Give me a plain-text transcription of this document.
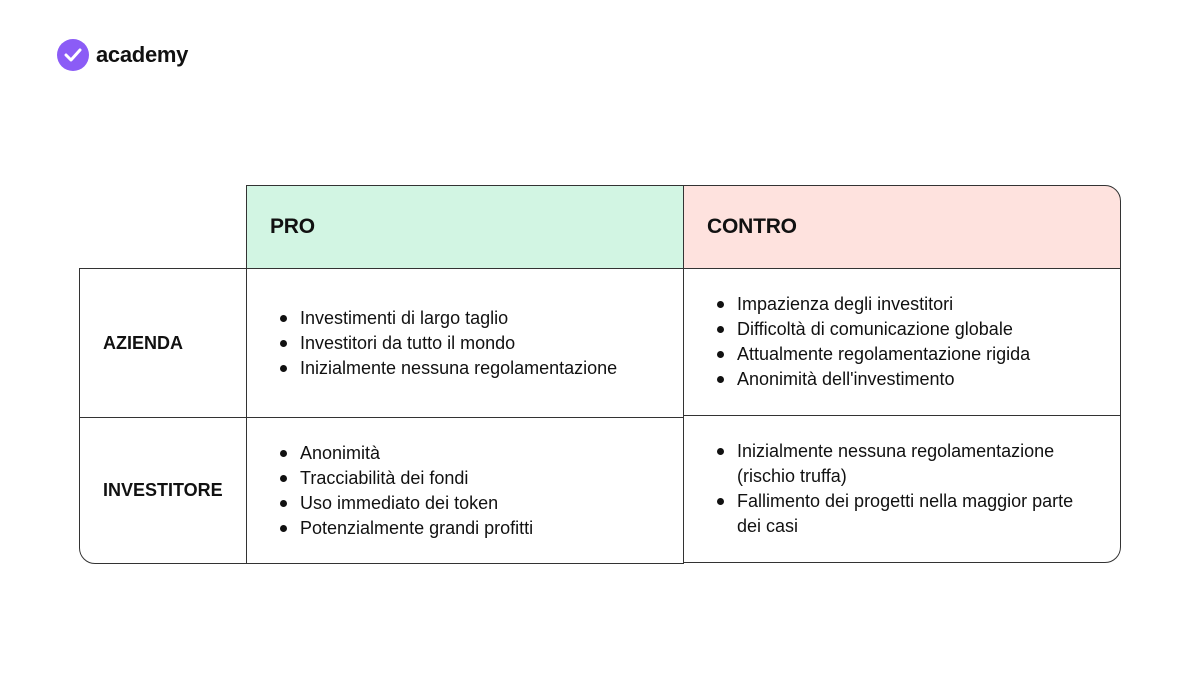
academy
PRO	CONTRO
AZIENDA
INVESTITORE
Investimenti di largo taglio
Investitori da tutto il mondo
Inizialmente nessuna regolamentazione
Impazienza degli investitori
Difficoltà di comunicazione globale
Attualmente regolamentazione rigida
Anonimità dell'investimento
Anonimità
Tracciabilità dei fondi
Uso immediato dei token
Potenzialmente grandi profitti
Inizialmente nessuna regolamentazione (rischio truffa)
Fallimento dei progetti nella maggior parte dei casi
